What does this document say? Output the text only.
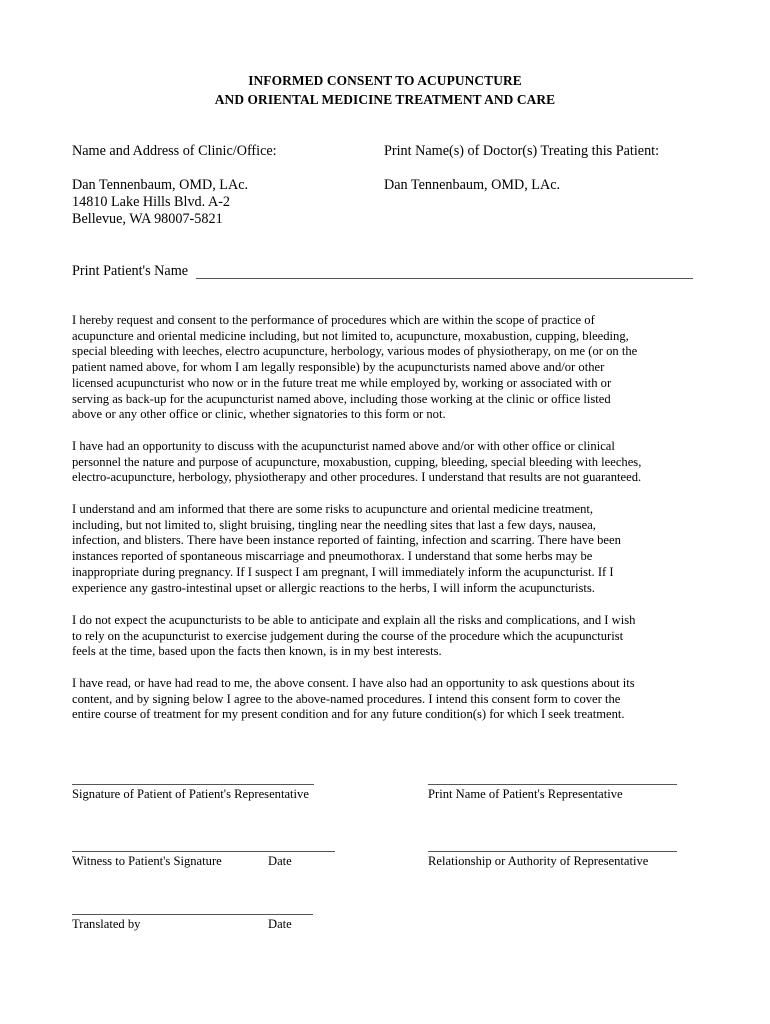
INFORMED CONSENT TO ACUPUNCTURE
AND ORIENTAL MEDICINE TREATMENT AND CARE
Name and Address of Clinic/Office:	Print Name(s) of Doctor(s) Treating this Patient:
Dan Tennenbaum, OMD, LAc.
14810 Lake Hills Blvd. A-2
Bellevue, WA 98007-5821
Dan Tennenbaum, OMD, LAc.
Print Patient's Name
I hereby request and consent to the performance of procedures which are within the scope of practice of
acupuncture and oriental medicine including, but not limited to, acupuncture, moxabustion, cupping, bleeding,
special bleeding with leeches, electro acupuncture, herbology, various modes of physiotherapy, on me (or on the
patient named above, for whom I am legally responsible) by the acupuncturists named above and/or other
licensed acupuncturist who now or in the future treat me while employed by, working or associated with or
serving as back-up for the acupuncturist named above, including those working at the clinic or office listed
above or any other office or clinic, whether signatories to this form or not.
I have had an opportunity to discuss with the acupuncturist named above and/or with other office or clinical
personnel the nature and purpose of acupuncture, moxabustion, cupping, bleeding, special bleeding with leeches,
electro-acupuncture, herbology, physiotherapy and other procedures. I understand that results are not guaranteed.
I understand and am informed that there are some risks to acupuncture and oriental medicine treatment,
including, but not limited to, slight bruising, tingling near the needling sites that last a few days, nausea,
infection, and blisters. There have been instance reported of fainting, infection and scarring. There have been
instances reported of spontaneous miscarriage and pneumothorax. I understand that some herbs may be
inappropriate during pregnancy. If I suspect I am pregnant, I will immediately inform the acupuncturist. If I
experience any gastro-intestinal upset or allergic reactions to the herbs, I will inform the acupuncturists.
I do not expect the acupuncturists to be able to anticipate and explain all the risks and complications, and I wish
to rely on the acupuncturist to exercise judgement during the course of the procedure which the acupuncturist
feels at the time, based upon the facts then known, is in my best interests.
I have read, or have had read to me, the above consent. I have also had an opportunity to ask questions about its
content, and by signing below I agree to the above-named procedures. I intend this consent form to cover the
entire course of treatment for my present condition and for any future condition(s) for which I seek treatment.
Signature of Patient of Patient's Representative	Print Name of Patient's Representative
Witness to Patient's Signature	Date	Relationship or Authority of Representative
Translated by	Date
